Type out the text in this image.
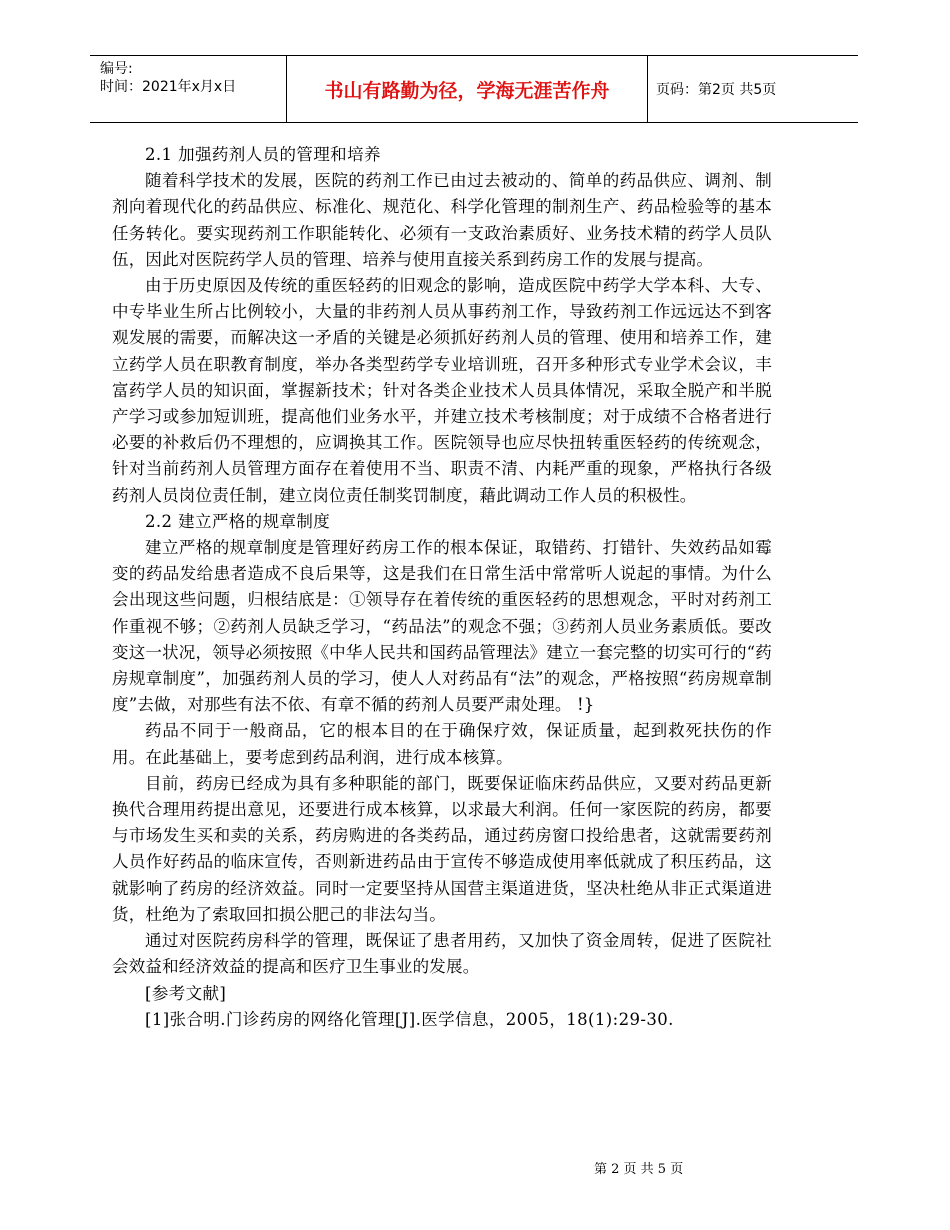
编号:
时间：2021年x月x日	书山有路勤为径，学海无涯苦作舟	页码：第2页 共5页

2.1 加强药剂人员的管理和培养

随着科学技术的发展，医院的药剂工作已由过去被动的、简单的药品供应、调剂、制剂向着现代化的药品供应、标准化、规范化、科学化管理的制剂生产、药品检验等的基本任务转化。要实现药剂工作职能转化、必须有一支政治素质好、业务技术精的药学人员队伍，因此对医院药学人员的管理、培养与使用直接关系到药房工作的发展与提高。

由于历史原因及传统的重医轻药的旧观念的影响，造成医院中药学大学本科、大专、中专毕业生所占比例较小，大量的非药剂人员从事药剂工作，导致药剂工作远远达不到客观发展的需要，而解决这一矛盾的关键是必须抓好药剂人员的管理、使用和培养工作，建立药学人员在职教育制度，举办各类型药学专业培训班，召开多种形式专业学术会议，丰富药学人员的知识面，掌握新技术；针对各类企业技术人员具体情况，采取全脱产和半脱产学习或参加短训班，提高他们业务水平，并建立技术考核制度；对于成绩不合格者进行必要的补救后仍不理想的，应调换其工作。医院领导也应尽快扭转重医轻药的传统观念，针对当前药剂人员管理方面存在着使用不当、职责不清、内耗严重的现象，严格执行各级药剂人员岗位责任制，建立岗位责任制奖罚制度，藉此调动工作人员的积极性。

2.2 建立严格的规章制度

建立严格的规章制度是管理好药房工作的根本保证，取错药、打错针、失效药品如霉变的药品发给患者造成不良后果等，这是我们在日常生活中常常听人说起的事情。为什么会出现这些问题，归根结底是：①领导存在着传统的重医轻药的思想观念，平时对药剂工作重视不够；②药剂人员缺乏学习，“药品法”的观念不强；③药剂人员业务素质低。要改变这一状况，领导必须按照《中华人民共和国药品管理法》建立一套完整的切实可行的“药房规章制度”，加强药剂人员的学习，使人人对药品有“法”的观念，严格按照“药房规章制度”去做，对那些有法不依、有章不循的药剂人员要严肃处理。 !}

药品不同于一般商品，它的根本目的在于确保疗效，保证质量，起到救死扶伤的作用。在此基础上，要考虑到药品利润，进行成本核算。

目前，药房已经成为具有多种职能的部门，既要保证临床药品供应，又要对药品更新换代合理用药提出意见，还要进行成本核算，以求最大利润。任何一家医院的药房，都要与市场发生买和卖的关系，药房购进的各类药品，通过药房窗口投给患者，这就需要药剂人员作好药品的临床宣传，否则新进药品由于宣传不够造成使用率低就成了积压药品，这就影响了药房的经济效益。同时一定要坚持从国营主渠道进货，坚决杜绝从非正式渠道进货，杜绝为了索取回扣损公肥己的非法勾当。

通过对医院药房科学的管理，既保证了患者用药，又加快了资金周转，促进了医院社会效益和经济效益的提高和医疗卫生事业的发展。

[参考文献]

[1]张合明.门诊药房的网络化管理[J].医学信息，2005，18(1):29-30.

第 2 页 共 5 页
